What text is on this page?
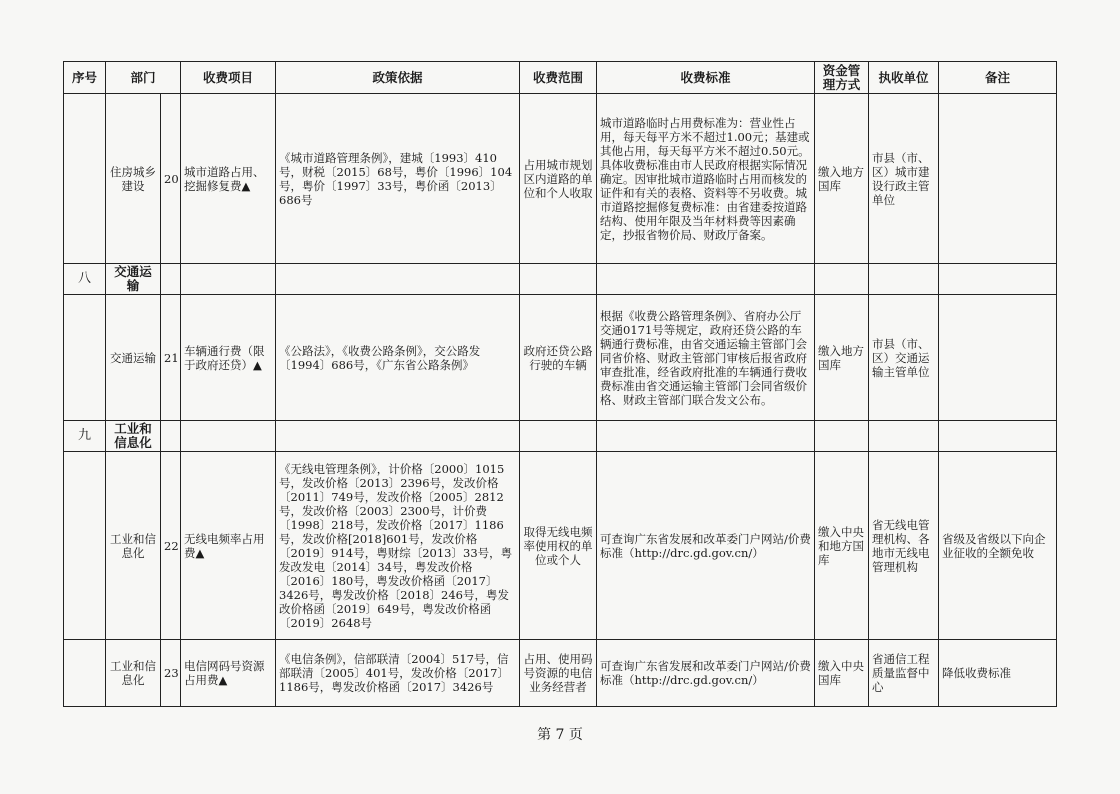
序号	部门		收费项目	政策依据	收费范围	收费标准	资金管理方式	执收单位	备注
	住房城乡建设	20	城市道路占用、挖掘修复费▲	《城市道路管理条例》，建城〔1993〕410号，财税〔2015〕68号，粤价〔1996〕104号，粤价〔1997〕33号，粤价函〔2013〕686号	占用城市规划区内道路的单位和个人收取	城市道路临时占用费标准为：营业性占用，每天每平方米不超过1.00元；基建或其他占用，每天每平方米不超过0.50元。具体收费标准由市人民政府根据实际情况确定。因审批城市道路临时占用而核发的证件和有关的表格、资料等不另收费。城市道路挖掘修复费标准：由省建委按道路结构、使用年限及当年材料费等因素确定，抄报省物价局、财政厅备案。	缴入地方国库	市县（市、区）城市建设行政主管单位	
八	交通运输								
	交通运输	21	车辆通行费（限于政府还贷）▲	《公路法》，《收费公路条例》，交公路发〔1994〕686号，《广东省公路条例》	政府还贷公路行驶的车辆	根据《收费公路管理条例》、省府办公厅交通0171号等规定，政府还贷公路的车辆通行费标准，由省交通运输主管部门会同省价格、财政主管部门审核后报省政府审查批准，经省政府批准的车辆通行费收费标准由省交通运输主管部门会同省级价格、财政主管部门联合发文公布。	缴入地方国库	市县（市、区）交通运输主管单位	
九	工业和信息化								
	工业和信息化	22	无线电频率占用费▲	《无线电管理条例》，计价格〔2000〕1015号，发改价格〔2013〕2396号，发改价格〔2011〕749号，发改价格〔2005〕2812号，发改价格〔2003〕2300号，计价费〔1998〕218号，发改价格〔2017〕1186号，发改价格[2018]601号，发改价格〔2019〕914号，粤财综〔2013〕33号，粤发改发电〔2014〕34号，粤发改价格〔2016〕180号，粤发改价格函〔2017〕3426号，粤发改价格〔2018〕246号，粤发改价格函〔2019〕649号，粤发改价格函〔2019〕2648号	取得无线电频率使用权的单位或个人	可查询广东省发展和改革委门户网站/价费标准（http://drc.gd.gov.cn/）	缴入中央和地方国库	省无线电管理机构、各地市无线电管理机构	省级及省级以下向企业征收的全额免收
	工业和信息化	23	电信网码号资源占用费▲	《电信条例》，信部联清〔2004〕517号，信部联清〔2005〕401号，发改价格〔2017〕1186号，粤发改价格函〔2017〕3426号	占用、使用码号资源的电信业务经营者	可查询广东省发展和改革委门户网站/价费标准（http://drc.gd.gov.cn/）	缴入中央国库	省通信工程质量监督中心	降低收费标准
第 7 页
